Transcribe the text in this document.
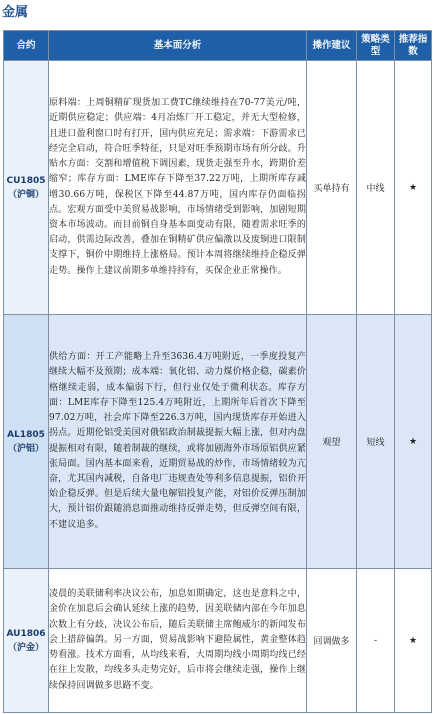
金属
合约	基本面分析	操作建议	策略类型	推荐指数

CU1805
（沪铜）	原料端：上周铜精矿现货加工费TC继续维持在70-77美元/吨，近期供应稳定；供应端：4月冶炼厂开工稳定，并无大型检修，且进口盈利窗口时有打开，国内供应充足；需求端：下游需求已经完全启动，符合旺季特征，只是对旺季预期市场有所分歧。升贴水方面：交割和增值税下调因素，现货走强至升水，跨期价差缩窄；库存方面：LME库存下降至37.22万吨，上期所库存减增30.66万吨，保税区下降至44.87万吨，国内库存仍面临拐点。宏观方面受中美贸易战影响，市场情绪受到影响，加剧短期资本市场波动。而目前铜自身基本面变动有限，随着需求旺季的启动，供需边际改善，叠加在铜精矿供应偏激以及废铜进口限制支撑下，铜价中期维持上涨格局。预计本周将继续维持企稳反弹走势。操作上建议前期多单维持持有，买保企业正常操作。	买单持有	中线	★

AL1805
（沪铝）	供给方面：开工产能略上升至3636.4万吨附近，一季度投复产继续大幅不及预期；成本端：氧化铝、动力煤价格企稳，碳素价格继续走弱，成本偏弱下行，但行业仅处于微利状态。库存方面：LME库存下降至125.4万吨附近，上期所年后首次下降至97.02万吨，社会库下降至226.3万吨，国内现货库存开始进入拐点。近期伦铝受美国对俄铝政治制裁提振大幅上涨，但对内盘提振相对有限，随着制裁的继续，或将加剧海外市场原铝供应紧张局面。国内基本面来看，近期贸易战的炒作，市场情绪较为亢奋，尤其国内减税，自备电厂违规查处等利多信息提振，铝价开始企稳反弹。但是后续大量电解铝投复产能，对铝价反弹压制加大，预计铝价跟随消息面推动维持反弹走势，但反弹空间有限，不建议追多。	观望	短线	★

AU1806
（沪金）	凌晨的美联储利率决议公布，加息如期确定，这也是意料之中，金价在加息后会确认延续上涨的趋势，因美联储内部在今年加息次数上有分歧，决议公布后，随后美联储主席鲍威尔的新闻发布会上措辞偏鸽。另一方面，贸易战影响下避险属性，黄金整体趋势看涨。技术方面看，从均线来看，大周期均线小周期均线已经在往上发散，均线多头走势完好，后市将会继续走强，操作上继续保持回调做多思路不变。	回调做多	-	★
